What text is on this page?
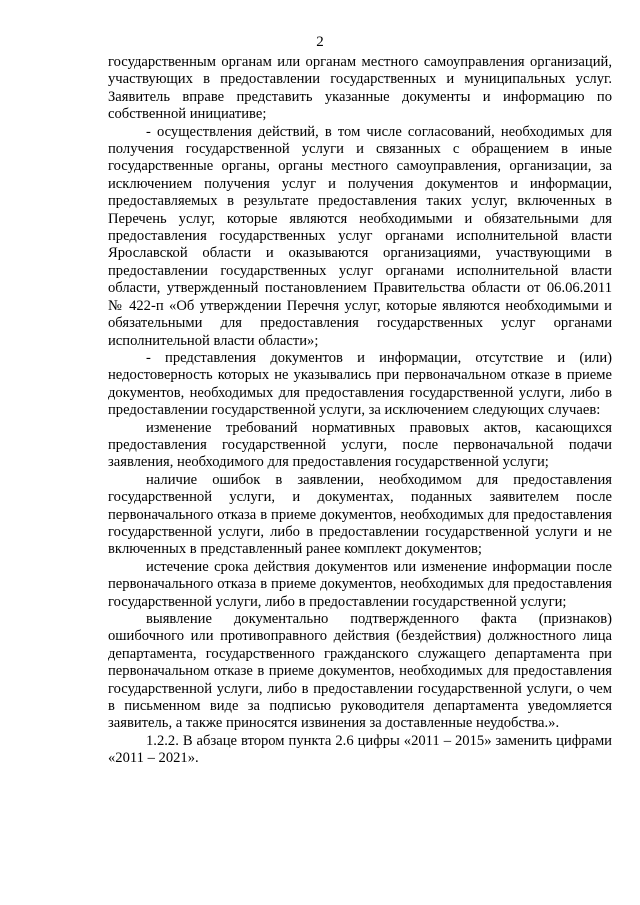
2

государственным органам или органам местного самоуправления организаций, участвующих в предоставлении государственных и муниципальных услуг. Заявитель вправе представить указанные документы и информацию по собственной инициативе;

- осуществления действий, в том числе согласований, необходимых для получения государственной услуги и связанных с обращением в иные государственные органы, органы местного самоуправления, организации, за исключением получения услуг и получения документов и информации, предоставляемых в результате предоставления таких услуг, включенных в Перечень услуг, которые являются необходимыми и обязательными для предоставления государственных услуг органами исполнительной власти Ярославской области и оказываются организациями, участвующими в предоставлении государственных услуг органами исполнительной власти области, утвержденный постановлением Правительства области от 06.06.2011 № 422-п «Об утверждении Перечня услуг, которые являются необходимыми и обязательными для предоставления государственных услуг органами исполнительной власти области»;

- представления документов и информации, отсутствие и (или) недостоверность которых не указывались при первоначальном отказе в приеме документов, необходимых для предоставления государственной услуги, либо в предоставлении государственной услуги, за исключением следующих случаев:

изменение требований нормативных правовых актов, касающихся предоставления государственной услуги, после первоначальной подачи заявления, необходимого для предоставления государственной услуги;

наличие ошибок в заявлении, необходимом для предоставления государственной услуги, и документах, поданных заявителем после первоначального отказа в приеме документов, необходимых для предоставления государственной услуги, либо в предоставлении государственной услуги и не включенных в представленный ранее комплект документов;

истечение срока действия документов или изменение информации после первоначального отказа в приеме документов, необходимых для предоставления государственной услуги, либо в предоставлении государственной услуги;

выявление документально подтвержденного факта (признаков) ошибочного или противоправного действия (бездействия) должностного лица департамента, государственного гражданского служащего департамента при первоначальном отказе в приеме документов, необходимых для предоставления государственной услуги, либо в предоставлении государственной услуги, о чем в письменном виде за подписью руководителя департамента уведомляется заявитель, а также приносятся извинения за доставленные неудобства.».

1.2.2. В абзаце втором пункта 2.6 цифры «2011 – 2015» заменить цифрами «2011 – 2021».
